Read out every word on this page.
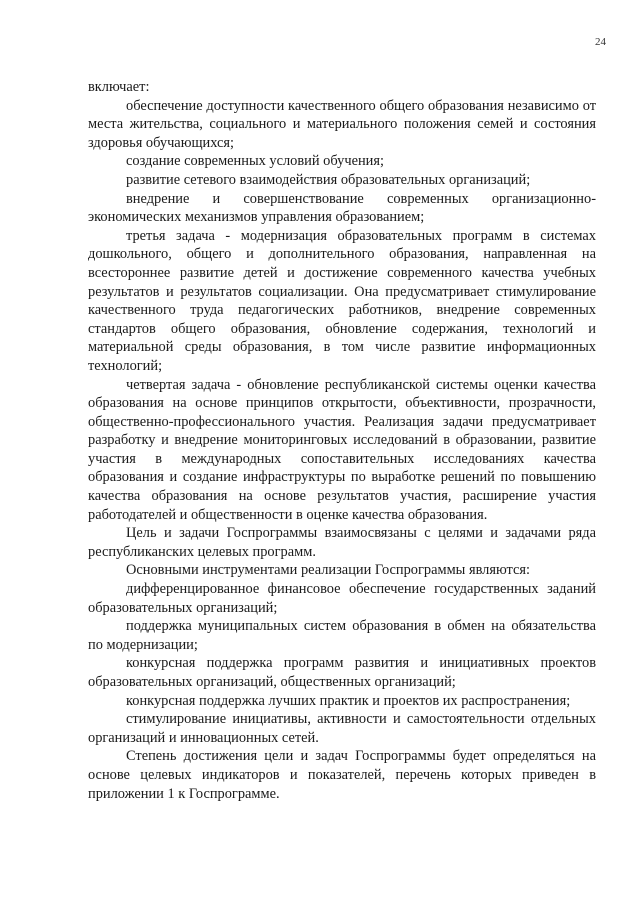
24

включает:

обеспечение доступности качественного общего образования независимо от места жительства, социального и материального положения семей и состояния здоровья обучающихся;

создание современных условий обучения;

развитие сетевого взаимодействия образовательных организаций;

внедрение и совершенствование современных организационно-экономических механизмов управления образованием;

третья задача - модернизация образовательных программ в системах дошкольного, общего и дополнительного образования, направленная на всестороннее развитие детей и достижение современного качества учебных результатов и результатов социализации. Она предусматривает стимулирование качественного труда педагогических работников, внедрение современных стандартов общего образования, обновление содержания, технологий и материальной среды образования, в том числе развитие информационных технологий;

четвертая задача - обновление республиканской системы оценки качества образования на основе принципов открытости, объективности, прозрачности, общественно-профессионального участия. Реализация задачи предусматривает разработку и внедрение мониторинговых исследований в образовании, развитие участия в международных сопоставительных исследованиях качества образования и создание инфраструктуры по выработке решений по повышению качества образования на основе результатов участия, расширение участия работодателей и общественности в оценке качества образования.

Цель и задачи Госпрограммы взаимосвязаны с целями и задачами ряда республиканских целевых программ.

Основными инструментами реализации Госпрограммы являются:

дифференцированное финансовое обеспечение государственных заданий образовательных организаций;

поддержка муниципальных систем образования в обмен на обязательства по модернизации;

конкурсная поддержка программ развития и инициативных проектов образовательных организаций, общественных организаций;

конкурсная поддержка лучших практик и проектов их распространения;

стимулирование инициативы, активности и самостоятельности отдельных организаций и инновационных сетей.

Степень достижения цели и задач Госпрограммы будет определяться на основе целевых индикаторов и показателей, перечень которых приведен в приложении 1 к Госпрограмме.
